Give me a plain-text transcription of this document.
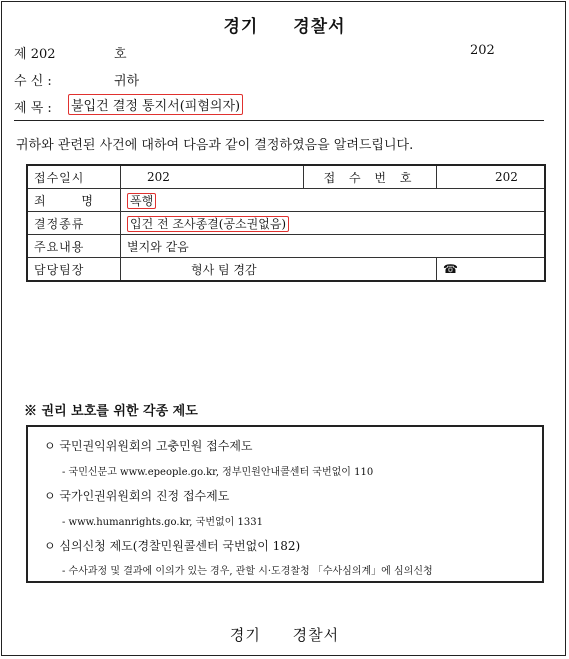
경기 경찰서
제 202	호	202
수 신 :	귀하
제 목 : 불입건 결정 통지서(피혐의자)
귀하와 관련된 사건에 대하여 다음과 같이 결정하였음을 알려드립니다.
접수일시	202	접 수 번 호	202
죄 명	폭행		
결정종류	입건 전 조사종결(공소권없음)		
주요내용	별지와 같음		
담당팀장	형사 팀 경감		☎
※ 권리 보호를 위한 각종 제도
ㅇ 국민권익위원회의 고충민원 접수제도
- 국민신문고 www.epeople.go.kr, 정부민원안내콜센터 국번없이 110
ㅇ 국가인권위원회의 진정 접수제도
- www.humanrights.go.kr, 국번없이 1331
ㅇ 심의신청 제도(경찰민원콜센터 국번없이 182)
- 수사과정 및 결과에 이의가 있는 경우, 관할 시·도경찰청 「수사심의계」에 심의신청
경기 경찰서
